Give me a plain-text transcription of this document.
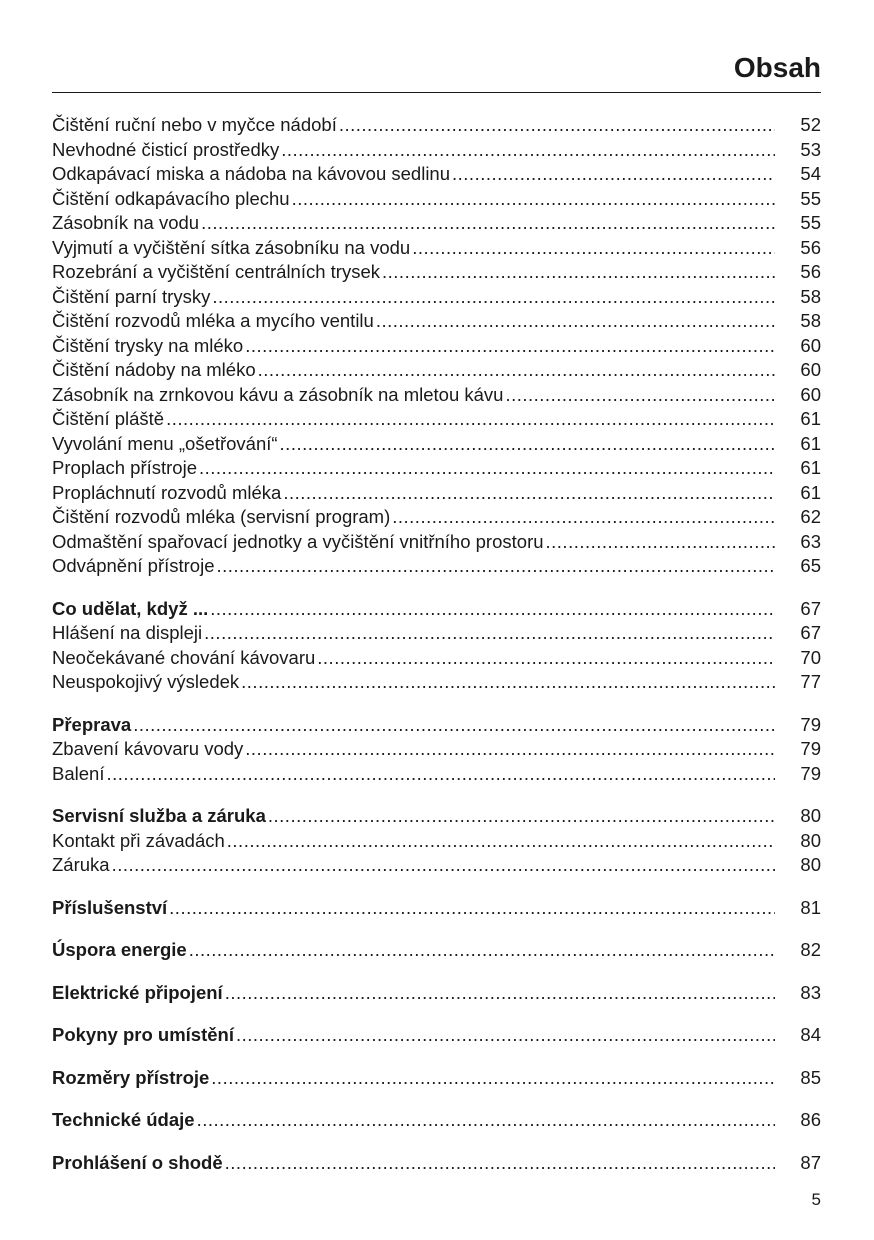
Obsah
Čištění ruční nebo v myčce nádobí .....	52
Nevhodné čisticí prostředky .....	53
Odkapávací miska a nádoba na kávovou sedlinu .....	54
Čištění odkapávacího plechu .....	55
Zásobník na vodu .....	55
Vyjmutí a vyčištění sítka zásobníku na vodu .....	56
Rozebrání a vyčištění centrálních trysek .....	56
Čištění parní trysky .....	58
Čištění rozvodů mléka a mycího ventilu .....	58
Čištění trysky na mléko .....	60
Čištění nádoby na mléko .....	60
Zásobník na zrnkovou kávu a zásobník na mletou kávu .....	60
Čištění pláště .....	61
Vyvolání menu „ošetřování“ .....	61
Proplach přístroje .....	61
Propláchnutí rozvodů mléka .....	61
Čištění rozvodů mléka (servisní program) .....	62
Odmaštění spařovací jednotky a vyčištění vnitřního prostoru .....	63
Odvápnění přístroje .....	65
Co udělat, když ... .....	67
Hlášení na displeji .....	67
Neočekávané chování kávovaru .....	70
Neuspokojivý výsledek .....	77
Přeprava .....	79
Zbavení kávovaru vody .....	79
Balení .....	79
Servisní služba a záruka .....	80
Kontakt při závadách .....	80
Záruka .....	80
Příslušenství .....	81
Úspora energie .....	82
Elektrické připojení .....	83
Pokyny pro umístění .....	84
Rozměry přístroje .....	85
Technické údaje .....	86
Prohlášení o shodě .....	87
5
